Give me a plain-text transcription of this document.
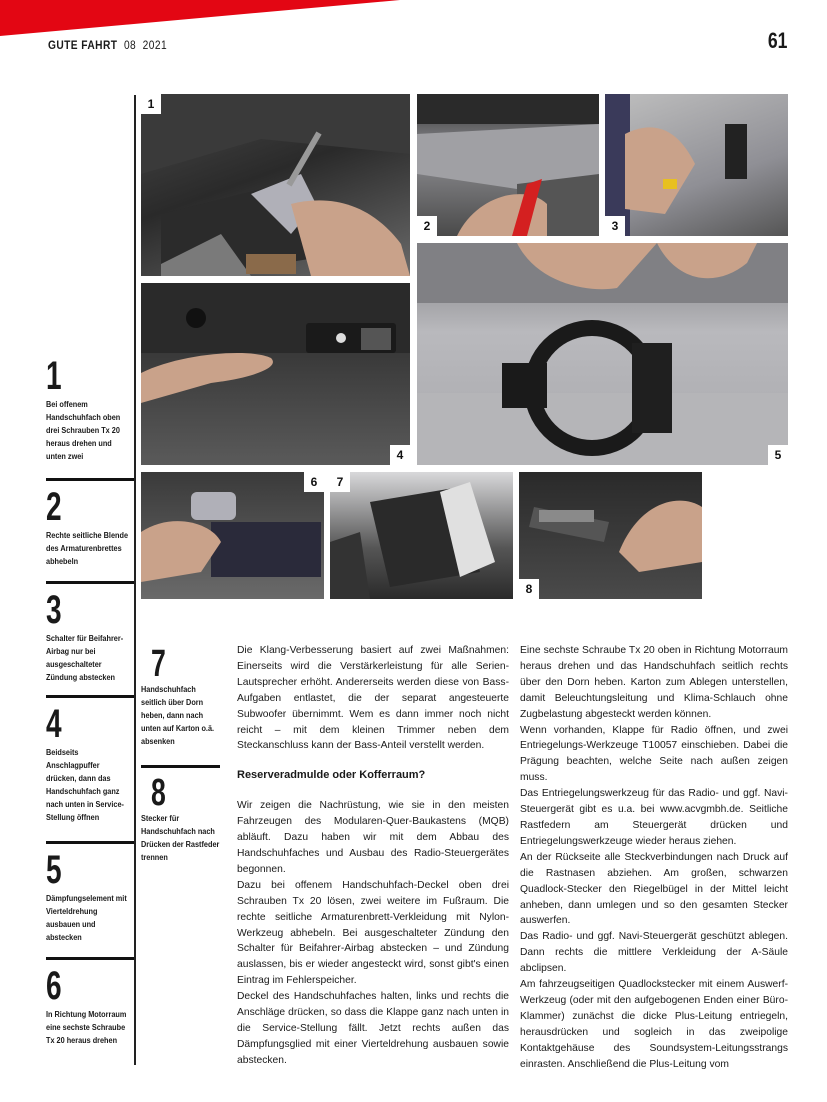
GUTE FAHRT 08 2021	61
1
2	3
4	5
6	7
8
1
Bei offenem Handschuhfach oben drei Schrauben Tx 20 heraus drehen und unten zwei
2
Rechte seitliche Blende des Armaturenbrettes abhebeln
3
Schalter für Beifahrer-Airbag nur bei ausgeschalteter Zündung abstecken
4
Beidseits Anschlagpuffer drücken, dann das Handschuhfach ganz nach unten in Service-Stellung öffnen
5
Dämpfungselement mit Vierteldrehung ausbauen und abstecken
6
In Richtung Motorraum eine sechste Schraube Tx 20 heraus drehen
7
Handschuhfach seitlich über Dorn heben, dann nach unten auf Karton o.ä. absenken
8
Stecker für Handschuhfach nach Drücken der Rastfeder trennen

Die Klang-Verbesserung basiert auf zwei Maßnahmen: Einerseits wird die Verstärkerleistung für alle Serien-Lautsprecher erhöht. Andererseits werden diese von Bass-Aufgaben entlastet, die der separat angesteuerte Subwoofer übernimmt. Wem es dann immer noch nicht reicht – mit dem kleinen Trimmer neben dem Steckanschluss kann der Bass-Anteil verstellt werden.

Reserveradmulde oder Kofferraum?

Wir zeigen die Nachrüstung, wie sie in den meisten Fahrzeugen des Modularen-Quer-Baukastens (MQB) abläuft. Dazu haben wir mit dem Abbau des Handschuhfaches und Ausbau des Radio-Steuergerätes begonnen.

Dazu bei offenem Handschuhfach-Deckel oben drei Schrauben Tx 20 lösen, zwei weitere im Fußraum. Die rechte seitliche Armaturenbrett-Verkleidung mit Nylon-Werkzeug abhebeln. Bei ausgeschalteter Zündung den Schalter für Beifahrer-Airbag abstecken – und Zündung auslassen, bis er wieder angesteckt wird, sonst gibt's einen Eintrag im Fehlerspeicher.

Deckel des Handschuhfaches halten, links und rechts die Anschläge drücken, so dass die Klappe ganz nach unten in die Service-Stellung fällt. Jetzt rechts außen das Dämpfungsglied mit einer Vierteldrehung ausbauen sowie abstecken.

Eine sechste Schraube Tx 20 oben in Richtung Motorraum heraus drehen und das Handschuhfach seitlich rechts über den Dorn heben. Karton zum Ablegen unterstellen, damit Beleuchtungsleitung und Klima-Schlauch ohne Zugbelastung abgesteckt werden können.

Wenn vorhanden, Klappe für Radio öffnen, und zwei Entriegelungs-Werkzeuge T10057 einschieben. Dabei die Prägung beachten, welche Seite nach außen zeigen muss.

Das Entriegelungswerkzeug für das Radio- und ggf. Navi-Steuergerät gibt es u.a. bei www.acvgmbh.de. Seitliche Rastfedern am Steuergerät drücken und Entriegelungswerkzeuge wieder heraus ziehen.

An der Rückseite alle Steckverbindungen nach Druck auf die Rastnasen abziehen. Am großen, schwarzen Quadlock-Stecker den Riegelbügel in der Mittel leicht anheben, dann umlegen und so den gesamten Stecker auswerfen.

Das Radio- und ggf. Navi-Steuergerät geschützt ablegen. Dann rechts die mittlere Verkleidung der A-Säule abclipsen.

Am fahrzeugseitigen Quadlockstecker mit einem Auswerf-Werkzeug (oder mit den aufgebogenen Enden einer Büro-Klammer) zunächst die dicke Plus-Leitung entriegeln, herausdrücken und sogleich in das zweipolige Kontaktgehäuse des Soundsystem-Leitungsstrangs einrasten. Anschließend die Plus-Leitung vom
